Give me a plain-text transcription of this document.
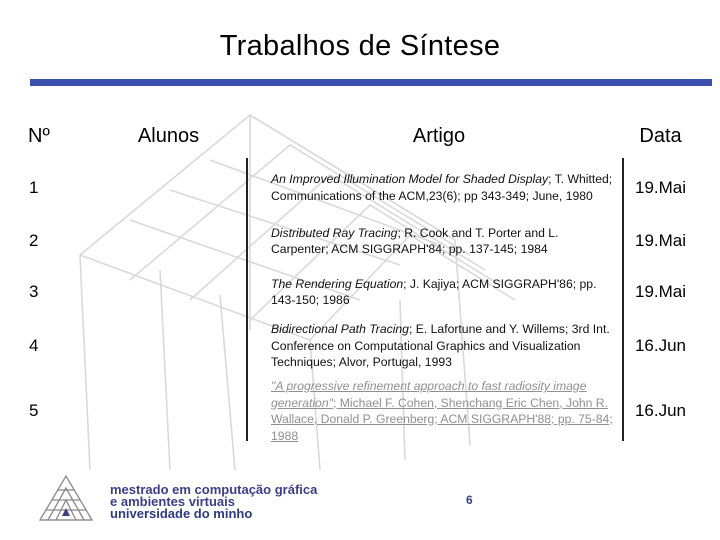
Trabalhos de Síntese
Nº	Alunos	Artigo	Data
1		An Improved Illumination Model for Shaded Display; T. Whitted; Communications of the ACM,23(6); pp 343-349; June, 1980	19.Mai
2		Distributed Ray Tracing; R. Cook and T. Porter and L. Carpenter; ACM SIGGRAPH'84; pp. 137-145; 1984	19.Mai
3		The Rendering Equation; J. Kajiya; ACM SIGGRAPH'86; pp. 143-150; 1986	19.Mai
4		Bidirectional Path Tracing; E. Lafortune and Y. Willems; 3rd Int. Conference on Computational Graphics and Visualization Techniques; Alvor, Portugal, 1993	16.Jun
5		"A progressive refinement approach to fast radiosity image generation"; Michael F. Cohen, Shenchang Eric Chen, John R. Wallace, Donald P. Greenberg; ACM SIGGRAPH'88; pp. 75-84; 1988	16.Jun
mestrado em computação gráfica
e ambientes virtuais
universidade do minho
6
